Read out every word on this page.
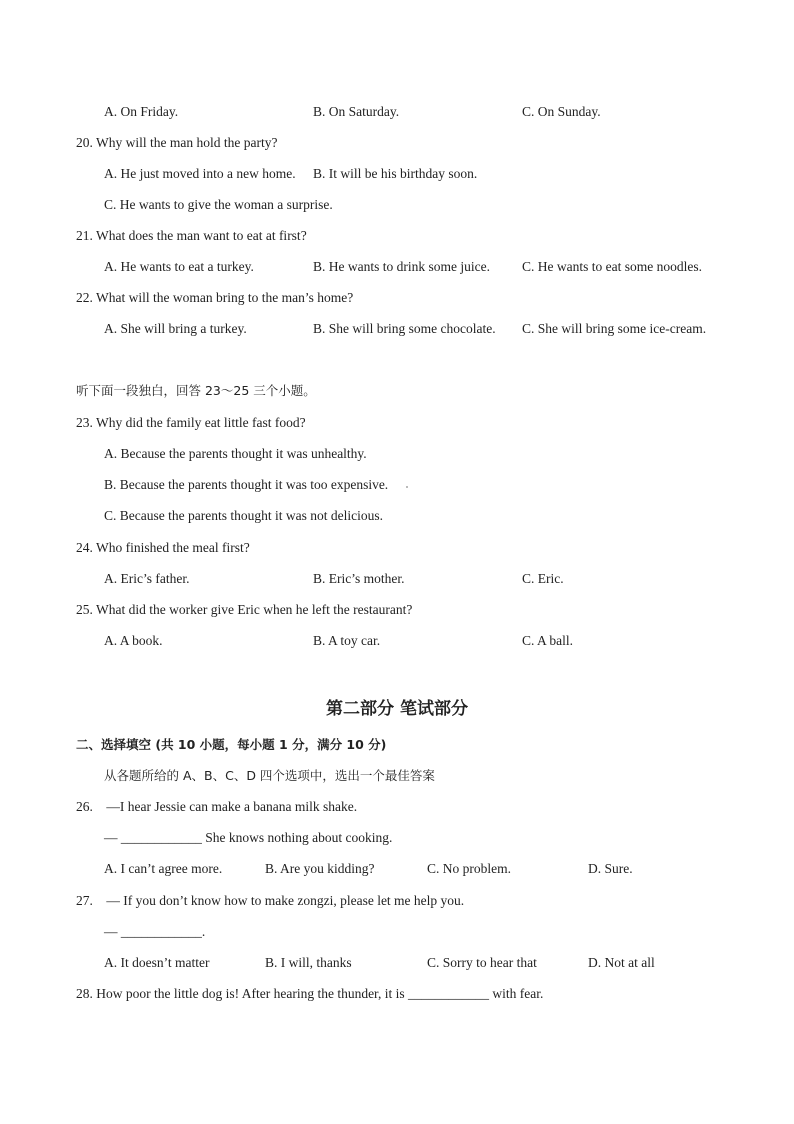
A. On Friday.	B. On Saturday.	C. On Sunday.
20. Why will the man hold the party?
A. He just moved into a new home. B. It will be his birthday soon.
C. He wants to give the woman a surprise.
21. What does the man want to eat at first?
A. He wants to eat a turkey.	B. He wants to drink some juice. C. He wants to eat some noodles.
22. What will the woman bring to the man’s home?
A. She will bring a turkey.	B. She will bring some chocolate. C. She will bring some ice-cream.
听下面一段独白，回答 23～25 三个小题。
23. Why did the family eat little fast food?
A. Because the parents thought it was unhealthy.
B. Because the parents thought it was too expensive.
C. Because the parents thought it was not delicious.
24. Who finished the meal first?
A. Eric’s father.	B. Eric’s mother.	C. Eric.
25. What did the worker give Eric when he left the restaurant?
A. A book.	B. A toy car.	C. A ball.
第二部分 笔试部分
二、选择填空 (共 10 小题，每小题 1 分，满分 10 分)
从各题所给的 A、B、C、D 四个选项中，选出一个最佳答案
26.    —I hear Jessie can make a banana milk shake.
— ____________ She knows nothing about cooking.
A. I can’t agree more.	B. Are you kidding?	C. No problem.	D. Sure.
27.    — If you don’t know how to make zongzi, please let me help you.
— ____________.
A. It doesn’t matter	B. I will, thanks	C. Sorry to hear that	D. Not at all
28. How poor the little dog is! After hearing the thunder, it is ____________ with fear.
